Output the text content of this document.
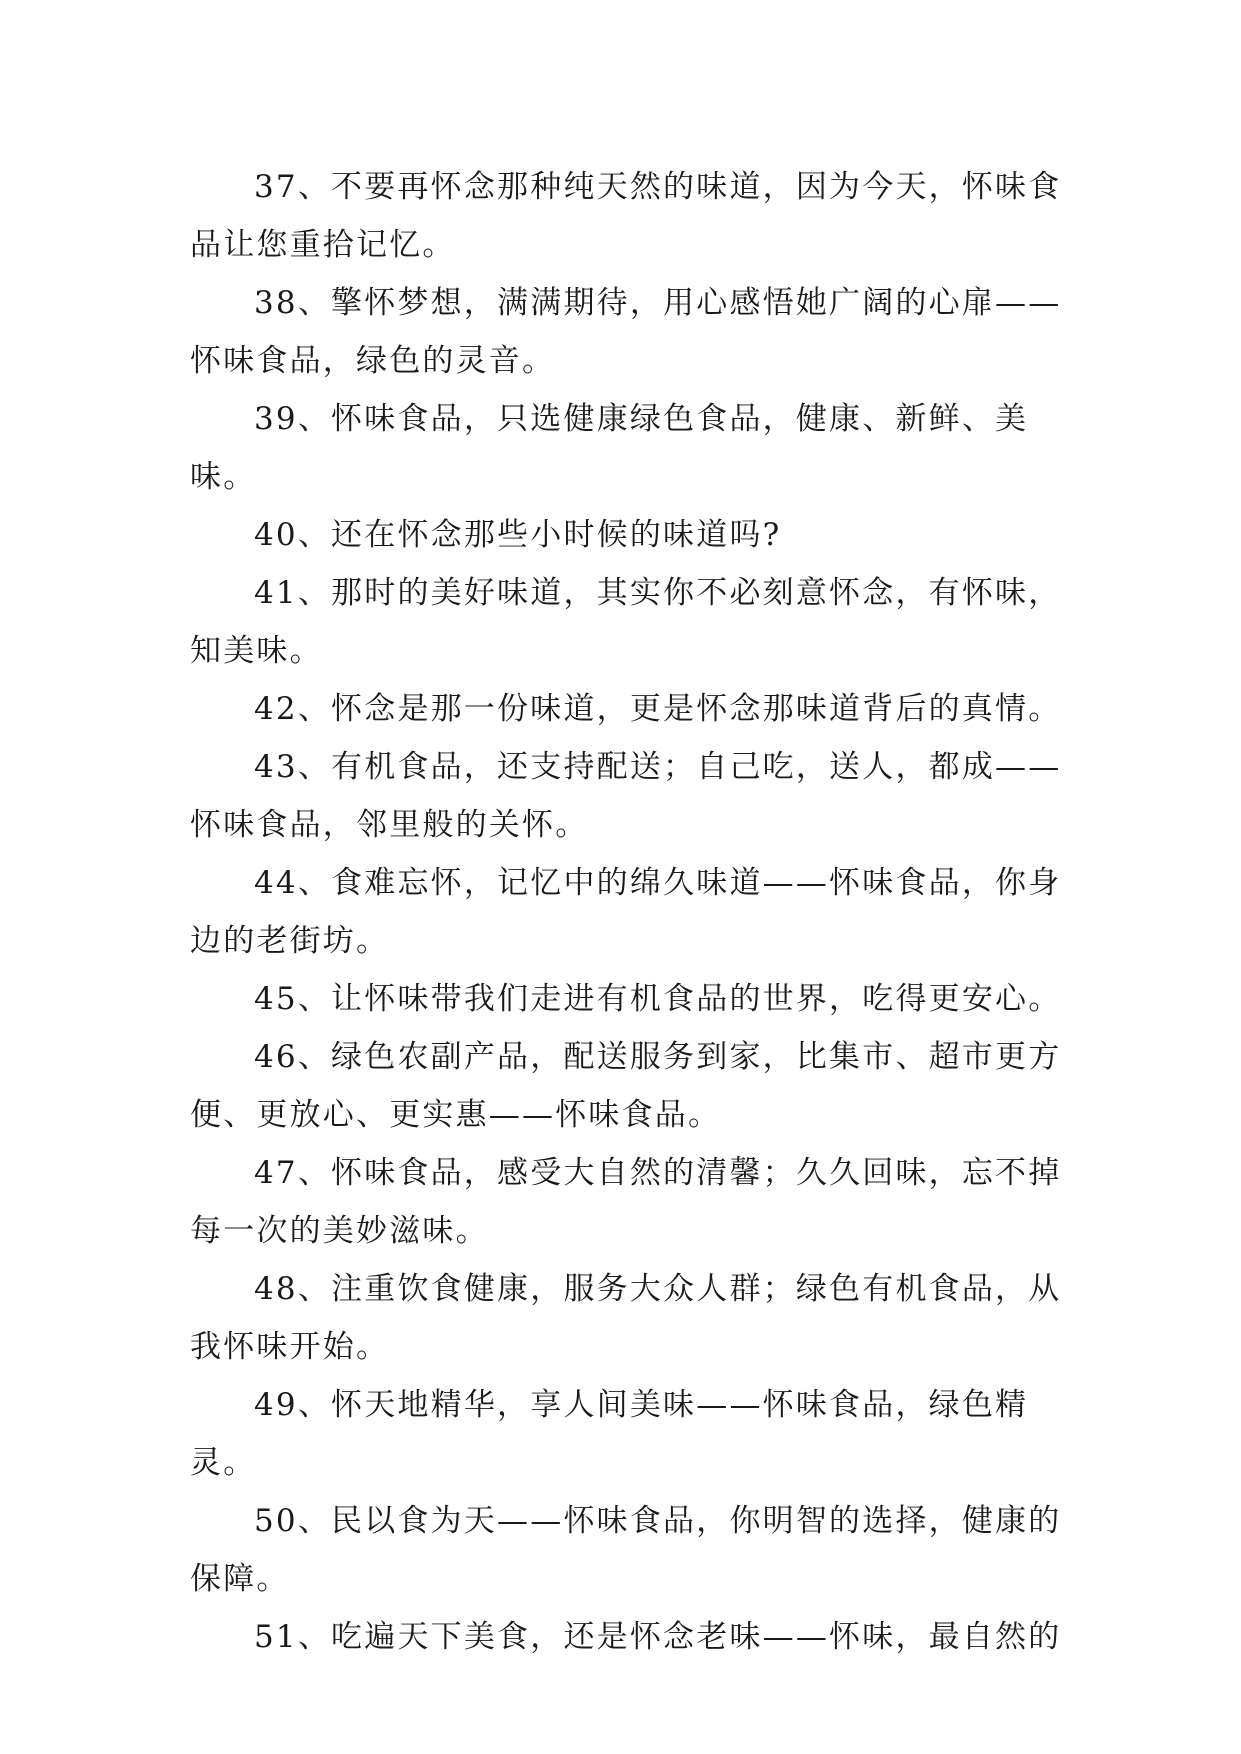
37、不要再怀念那种纯天然的味道，因为今天，怀味食品让您重拾记忆。

38、擎怀梦想，满满期待，用心感悟她广阔的心扉——怀味食品，绿色的灵音。

39、怀味食品，只选健康绿色食品，健康、新鲜、美味。

40、还在怀念那些小时候的味道吗?

41、那时的美好味道，其实你不必刻意怀念，有怀味，知美味。

42、怀念是那一份味道，更是怀念那味道背后的真情。

43、有机食品，还支持配送；自己吃，送人，都成——怀味食品，邻里般的关怀。

44、食难忘怀，记忆中的绵久味道——怀味食品，你身边的老街坊。

45、让怀味带我们走进有机食品的世界，吃得更安心。

46、绿色农副产品，配送服务到家，比集市、超市更方便、更放心、更实惠——怀味食品。

47、怀味食品，感受大自然的清馨；久久回味，忘不掉每一次的美妙滋味。

48、注重饮食健康，服务大众人群；绿色有机食品，从我怀味开始。

49、怀天地精华，享人间美味——怀味食品，绿色精灵。

50、民以食为天——怀味食品，你明智的选择，健康的保障。

51、吃遍天下美食，还是怀念老味——怀味，最自然的
